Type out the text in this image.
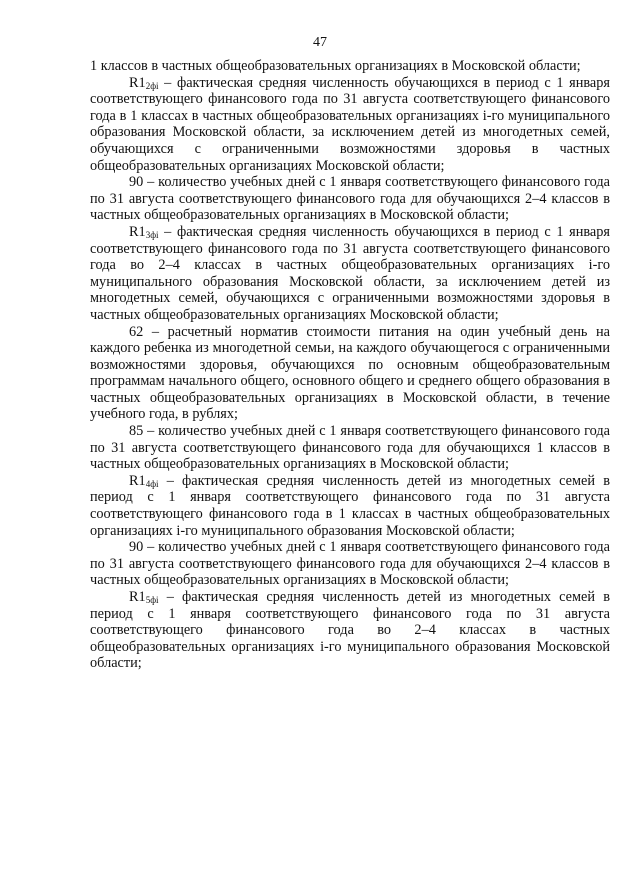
47

1 классов в частных общеобразовательных организациях в Московской области;

$R1_{2фi}$ – фактическая средняя численность обучающихся в период с 1 января соответствующего финансового года по 31 августа соответствующего финансового года в 1 классах в частных общеобразовательных организациях i-го муниципального образования Московской области, за исключением детей из многодетных семей, обучающихся с ограниченными возможностями здоровья в частных общеобразовательных организациях Московской области;

90 – количество учебных дней с 1 января соответствующего финансового года по 31 августа соответствующего финансового года для обучающихся 2–4 классов в частных общеобразовательных организациях в Московской области;

$R1_{3фi}$ – фактическая средняя численность обучающихся в период с 1 января соответствующего финансового года по 31 августа соответствующего финансового года во 2–4 классах в частных общеобразовательных организациях i-го муниципального образования Московской области, за исключением детей из многодетных семей, обучающихся с ограниченными возможностями здоровья в частных общеобразовательных организациях Московской области;

62 – расчетный норматив стоимости питания на один учебный день на каждого ребенка из многодетной семьи, на каждого обучающегося с ограниченными возможностями здоровья, обучающихся по основным общеобразовательным программам начального общего, основного общего и среднего общего образования в частных общеобразовательных организациях в Московской области, в течение учебного года, в рублях;

85 – количество учебных дней с 1 января соответствующего финансового года по 31 августа соответствующего финансового года для обучающихся 1 классов в частных общеобразовательных организациях в Московской области;

$R1_{4фi}$ – фактическая средняя численность детей из многодетных семей в период с 1 января соответствующего финансового года по 31 августа соответствующего финансового года в 1 классах в частных общеобразовательных организациях i-го муниципального образования Московской области;

90 – количество учебных дней с 1 января соответствующего финансового года по 31 августа соответствующего финансового года для обучающихся 2–4 классов в частных общеобразовательных организациях в Московской области;

$R1_{5фi}$ – фактическая средняя численность детей из многодетных семей в период с 1 января соответствующего финансового года по 31 августа соответствующего финансового года во 2–4 классах в частных общеобразовательных организациях i-го муниципального образования Московской области;
